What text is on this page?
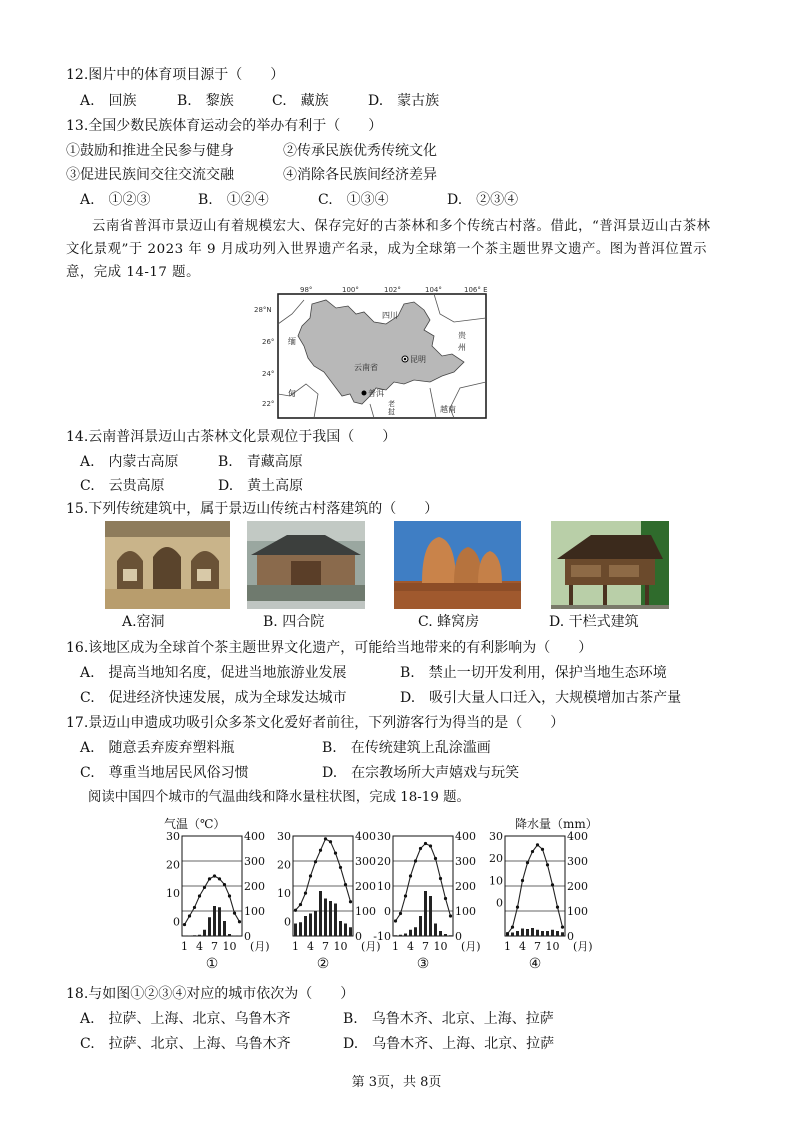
12.图片中的体育项目源于（　　）
A.　回族	B.　黎族	C.　藏族	D.　蒙古族
13.全国少数民族体育运动会的举办有利于（　　）
①鼓励和推进全民参与健身	②传承民族优秀传统文化
③促进民族间交往交流交融	④消除各民族间经济差异
A.　①②③	B.　①②④	C.　①③④	D.　②③④
云南省普洱市景迈山有着规模宏大、保存完好的古茶林和多个传统古村落。借此，“普洱景迈山古茶林文化景观”于 2023 年 9 月成功列入世界遗产名录，成为全球第一个茶主题世界文遗产。图为普洱位置示意，完成 14-17 题。
98°	100°	102°	104°	106° E
28°N
26°
24°
22°
四川
贵
州
缅
甸
云南省
昆明
普洱
老
挝	越南
14.云南普洱景迈山古茶林文化景观位于我国（　　）
A.　内蒙古高原	B.　青藏高原
C.　云贵高原	D.　黄土高原
15.下列传统建筑中，属于景迈山传统古村落建筑的（　　）
A.窑洞	B. 四合院	C. 蜂窝房	D. 干栏式建筑
16.该地区成为全球首个茶主题世界文化遗产，可能给当地带来的有利影响为（　　）
A.　提高当地知名度，促进当地旅游业发展	B.　禁止一切开发利用，保护当地生态环境
C.　促进经济快速发展，成为全球发达城市	D.　吸引大量人口迁入，大规模增加古茶产量
17.景迈山申遗成功吸引众多茶文化爱好者前往，下列游客行为得当的是（　　）
A.　随意丢弃废弃塑料瓶	B.　在传统建筑上乱涂滥画
C.　尊重当地居民风俗习惯	D.　在宗教场所大声嬉戏与玩笑
阅读中国四个城市的气温曲线和降水量柱状图，完成 18-19 题。
气温（℃）
30
20
10
0
400
300
200
100
0
1 4 7 10 (月)
①
30
20
10
0
400
300
200
100
0
1 4 7 10 (月)
②
30
20
10
0
-10
400
300
200
100
0
1 4 7 10 (月)
③
降水量（mm）
30
20
10
0
400
300
200
100
0
1 4 7 10 (月)
④
18.与如图①②③④对应的城市依次为（　　）
A.　拉萨、上海、北京、乌鲁木齐	B.　乌鲁木齐、北京、上海、拉萨
C.　拉萨、北京、上海、乌鲁木齐	D.　乌鲁木齐、上海、北京、拉萨
第 3页，共 8页
